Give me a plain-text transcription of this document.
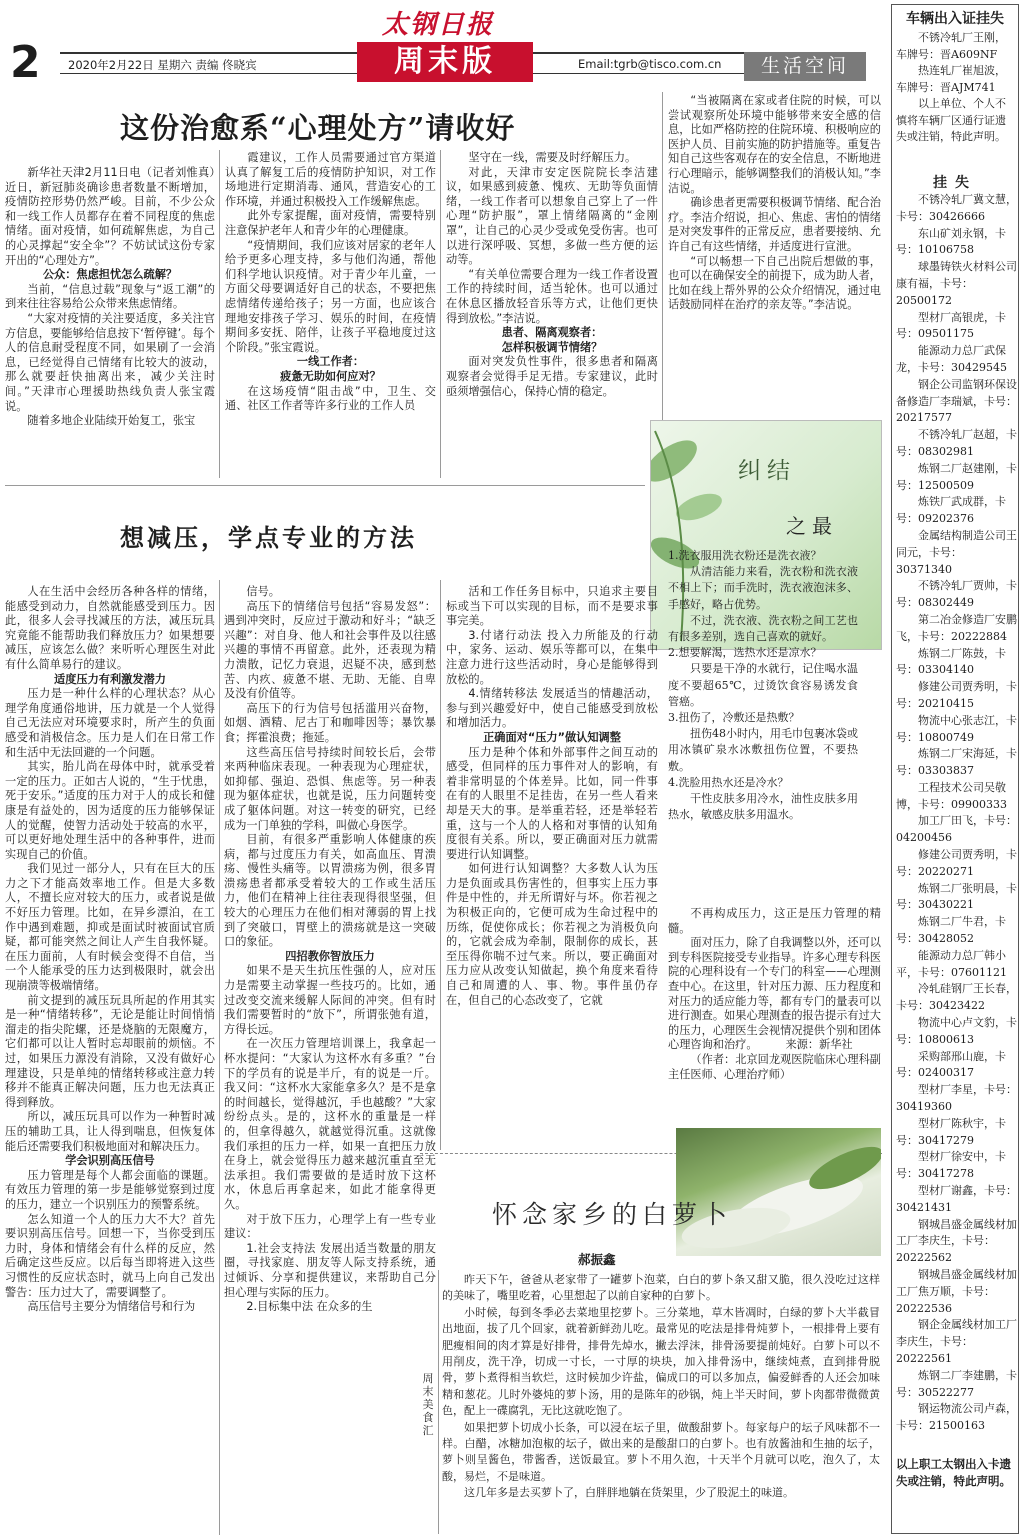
2 2020年2月22日 星期六 责编 佟晓宾
太钢日报
周末版	Email:tgrb@tisco.com.cn	生活空间
车辆出入证挂失
不锈冷轧厂王刚，车牌号：晋A609NF
热连轧厂崔旭波，车牌号：晋AJM741
以上单位、个人不慎将车辆厂区通行证遗失或注销，特此声明。
挂失
不锈冷轧厂冀文慧，卡号：30426666
东山矿刘永钢，卡号：10106758
球墨铸铁火材料公司康有福，卡号：20500172
型材厂高银虎，卡号：09501175
能源动力总厂武保龙，卡号：30429545
钢企公司监钢环保设备修造厂李瑞斌，卡号：20217577
不锈冷轧厂赵超，卡号：08302981
炼钢二厂赵建刚，卡号：12500509
炼铁厂武成群，卡号：09202376
金属结构制造公司王同元，卡号：30371340
不锈冷轧厂贾帅，卡号：08302449
第二冶金修造厂安鹏飞，卡号：20222884
炼钢二厂陈鼓，卡号：03304140
修建公司贾秀明，卡号：20210415
物流中心张志江，卡号：10800749
炼钢二厂宋海延，卡号：03303837
工程技术公司吴敬博，卡号：09900333
加工厂田飞，卡号：04200456
修建公司贾秀明，卡号：20220271
炼钢二厂张明晨，卡号：30430221
炼钢二厂牛君，卡号：30428052
能源动力总厂韩小平，卡号：07601121
冷轧硅钢厂王长春，卡号：30423422
物流中心卢文豹，卡号：10800613
采购部邢山鹿，卡号：02400317
型材厂李星，卡号：30419360
型材厂陈秋宇，卡号：30417279
型材厂徐安中，卡号：30417278
型材厂谢鑫，卡号：30421431
钢城昌盛金属线材加工厂李庆生，卡号：20222562
钢城昌盛金属线材加工厂焦万顺，卡号：20222536
钢企金属线材加工厂李庆生，卡号：20222561
炼钢二厂李建鹏，卡号：30522277
钢运物流公司卢森，卡号：21500163
以上职工太钢出入卡遗失或注销，特此声明。
这份治愈系“心理处方”请收好

新华社天津2月11日电（记者刘惟真）近日，新冠肺炎确诊患者数量不断增加，疫情防控形势仍然严峻。目前，不少公众和一线工作人员都存在着不同程度的焦虑情绪。面对疫情，如何疏解焦虑，为自己的心灵撑起“安全伞”？不妨试试这份专家开出的“心理处方”。

公众：焦虑担忧怎么疏解？

当前，“信息过载”现象与“返工潮”的到来往往容易给公众带来焦虑情绪。

“大家对疫情的关注要适度，多关注官方信息，要能够给信息按下‘暂停键’。每个人的信息耐受程度不同，如果刷了一会消息，已经觉得自己情绪有比较大的波动，那么就要赶快抽离出来，减少关注时间。”天津市心理援助热线负责人张宝霞说。

随着多地企业陆续开始复工，张宝

霞建议，工作人员需要通过官方渠道认真了解复工后的疫情防护知识，对工作场地进行定期消毒、通风，营造安心的工作环境，并通过积极投入工作缓解焦虑。

此外专家提醒，面对疫情，需要特别注意保护老年人和青少年的心理健康。

“疫情期间，我们应该对居家的老年人给予更多心理支持，多与他们沟通，帮他们科学地认识疫情。对于青少年儿童，一方面父母要调适好自己的状态，不要把焦虑情绪传递给孩子；另一方面，也应该合理地安排孩子学习、娱乐的时间，在疫情期间多安抚、陪伴，让孩子平稳地度过这个阶段。”张宝霞说。

一线工作者：

疲惫无助如何应对？

在这场疫情“阻击战”中，卫生、交通、社区工作者等许多行业的工作人员

坚守在一线，需要及时纾解压力。

对此，天津市安定医院院长李洁建议，如果感到疲惫、愧疚、无助等负面情绪，一线工作者可以想象自己穿上了一件心理“防护服”，罩上情绪隔离的“金刚罩”，让自己的心灵少受或免受伤害。也可以进行深呼吸、冥想，多做一些方便的运动等。

“有关单位需要合理为一线工作者设置工作的持续时间，适当轮休。也可以通过在休息区播放轻音乐等方式，让他们更快得到放松。”李洁说。

患者、隔离观察者：

怎样积极调节情绪？

面对突发负性事件，很多患者和隔离观察者会觉得手足无措。专家建议，此时亟须增强信心，保持心情的稳定。

“当被隔离在家或者住院的时候，可以尝试观察所处环境中能够带来安全感的信息，比如严格防控的住院环境、积极响应的医护人员、目前实施的防护措施等。重复告知自己这些客观存在的安全信息，不断地进行心理暗示，能够调整我们的消极认知。”李洁说。

确诊患者更需要积极调节情绪、配合治疗。李洁介绍说，担心、焦虑、害怕的情绪是对突发事件的正常反应，患者要接纳、允许自己有这些情绪，并适度进行宣泄。

“可以畅想一下自己出院后想做的事，也可以在确保安全的前提下，成为助人者，比如在线上帮外界的公众介绍情况，通过电话鼓励同样在治疗的亲友等。”李洁说。

纠结
之最

1.洗衣服用洗衣粉还是洗衣液？

从清洁能力来看，洗衣粉和洗衣液不相上下；而手洗时，洗衣液泡沫多、手感好，略占优势。

不过，洗衣液、洗衣粉之间工艺也有很多差别，选自己喜欢的就好。

2.想要解渴，选热水还是凉水？

只要是干净的水就行，记住喝水温度不要超65℃，过烫饮食容易诱发食管癌。

3.扭伤了，冷敷还是热敷？

扭伤48小时内，用毛巾包裹冰袋或用冰镇矿泉水冰敷扭伤位置，不要热敷。

4.洗脸用热水还是冷水？

干性皮肤多用冷水，油性皮肤多用热水，敏感皮肤多用温水。

想减压，学点专业的方法

人在生活中会经历各种各样的情绪，能感受到动力，自然就能感受到压力。因此，很多人会寻找减压的方法，减压玩具究竟能不能帮助我们释放压力？如果想要减压，应该怎么做？来听听心理医生对此有什么简单易行的建议。

适度压力有利激发潜力

压力是一种什么样的心理状态？从心理学角度通俗地讲，压力就是一个人觉得自己无法应对环境要求时，所产生的负面感受和消极信念。压力是人们在日常工作和生活中无法回避的一个问题。

其实，胎儿尚在母体中时，就承受着一定的压力。正如古人说的，“生于忧患，死于安乐。”适度的压力对于人的成长和健康是有益处的，因为适度的压力能够保证人的觉醒，使智力活动处于较高的水平，可以更好地处理生活中的各种事件，进而实现自己的价值。

我们见过一部分人，只有在巨大的压力之下才能高效率地工作。但是大多数人，不擅长应对较大的压力，或者说是做不好压力管理。比如，在异乡漂泊，在工作中遇到难题，抑或是面试时被面试官质疑，都可能突然之间让人产生自我怀疑。在压力面前，人有时候会变得不自信，当一个人能承受的压力达到极限时，就会出现崩溃等极端情绪。

前文提到的减压玩具所起的作用其实是一种“情绪转移”，无论是能让时间悄悄溜走的指尖陀螺，还是烧脑的无限魔方，它们都可以让人暂时忘却眼前的烦恼。不过，如果压力源没有消除，又没有做好心理建设，只是单纯的情绪转移或注意力转移并不能真正解决问题，压力也无法真正得到释放。

所以，减压玩具可以作为一种暂时减压的辅助工具，让人得到喘息，但恢复体能后还需要我们积极地面对和解决压力。

学会识别高压信号

压力管理是每个人都会面临的课题。有效压力管理的第一步是能够觉察到过度的压力，建立一个识别压力的预警系统。

怎么知道一个人的压力大不大？首先要识别高压信号。回想一下，当你受到压力时，身体和情绪会有什么样的反应，然后确定这些反应。以后每当即将进入这些习惯性的反应状态时，就马上向自己发出警告：压力过大了，需要调整了。

高压信号主要分为情绪信号和行为

信号。

高压下的情绪信号包括“容易发怒”：遇到冲突时，反应过于激动和好斗；“缺乏兴趣”：对自身、他人和社会事件及以往感兴趣的事情不再留意。此外，还表现为精力溃散，记忆力衰退，迟疑不决，感到愁苦、内疚、疲惫不堪、无助、无能、自卑及没有价值等。

高压下的行为信号包括滥用兴奋物，如烟、酒精、尼古丁和咖啡因等；暴饮暴食；挥霍浪费；拖延。

这些高压信号持续时间较长后，会带来两种临床表现。一种表现为心理症状，如抑郁、强迫、恐惧、焦虑等。另一种表现为躯体症状，也就是说，压力问题转变成了躯体问题。对这一转变的研究，已经成为一门单独的学科，叫做心身医学。

目前，有很多严重影响人体健康的疾病，都与过度压力有关，如高血压、胃溃疡、慢性头痛等。以胃溃疡为例，很多胃溃疡患者都承受着较大的工作或生活压力，他们在精神上往往表现得很坚强，但较大的心理压力在他们相对薄弱的胃上找到了突破口，胃壁上的溃疡就是这一突破口的象征。

四招教你智放压力

如果不是天生抗压性强的人，应对压力是需要主动掌握一些技巧的。比如，通过改变交流来缓解人际间的冲突。但有时我们需要暂时的“放下”，所谓张弛有道，方得长远。

在一次压力管理培训课上，我拿起一杯水提问：“大家认为这杯水有多重？”台下的学员有的说是半斤，有的说是一斤。我又问：“这杯水大家能拿多久？是不是拿的时间越长，觉得越沉，手也越酸？”大家纷纷点头。是的，这杯水的重量是一样的，但拿得越久，就越觉得沉重。这就像我们承担的压力一样，如果一直把压力放在身上，就会觉得压力越来越沉重直至无法承担。我们需要做的是适时放下这杯水，休息后再拿起来，如此才能拿得更久。

对于放下压力，心理学上有一些专业建议：

1.社会支持法 发展出适当数量的朋友圈，寻找家庭、朋友等人际支持系统，通过倾诉、分享和提供建议，来帮助自己分担心理与实际的压力。

2.目标集中法 在众多的生

活和工作任务目标中，只追求主要目标或当下可以实现的目标，而不是要求事事完美。

3.付诸行动法 投入力所能及的行动中，家务、运动、娱乐等都可以，在集中注意力进行这些活动时，身心是能够得到放松的。

4.情绪转移法 发展适当的情趣活动，参与到兴趣爱好中，使自己能感受到放松和增加活力。

正确面对“压力”做认知调整

压力是种个体和外部事件之间互动的感受，但同样的压力事件对人的影响，有着非常明显的个体差异。比如，同一件事在有的人眼里不足挂齿，在另一些人看来却是天大的事。是举重若轻，还是举轻若重，这与一个人的人格和对事情的认知角度很有关系。所以，要正确面对压力就需要进行认知调整。

如何进行认知调整？大多数人认为压力是负面或具伤害性的，但事实上压力事件是中性的，并无所谓好与坏。你若视之为积极正向的，它便可成为生命过程中的历练，促使你成长；你若视之为消极负向的，它就会成为牵制，限制你的成长，甚至压得你喘不过气来。所以，要正确面对压力应从改变认知做起，换个角度来看待自己和周遭的人、事、物。事件虽仍存在，但自己的心态改变了，它就

不再构成压力，这正是压力管理的精髓。

面对压力，除了自我调整以外，还可以到专科医院接受专业指导。许多心理专科医院的心理科设有一个专门的科室——心理测查中心。在这里，针对压力源、压力程度和对压力的适应能力等，都有专门的量表可以进行测查。如果心理测查的报告提示有过大的压力，心理医生会视情况提供个别和团体心理咨询和治疗。　　　来源：新华社

（作者：北京回龙观医院临床心理科副主任医师、心理治疗师）

怀念家乡的白萝卜
郝振鑫
周末美食汇

昨天下午，爸爸从老家带了一罐萝卜泡菜，白白的萝卜条又甜又脆，很久没吃过这样的美味了，嘴里吃着，心里想起了以前自家种的白萝卜。

小时候，每到冬季必去菜地里挖萝卜。三分菜地，草木皆凋时，白绿的萝卜大半截冒出地面，拔了几个回家，就着新鲜劲儿吃。最常见的吃法是排骨炖萝卜，一根排骨上要有肥瘦相间的肉才算是好排骨，排骨先焯水，撇去浮沫，排骨汤要提前炖好。白萝卜可以不用削皮，洗干净，切成一寸长，一寸厚的块块，加入排骨汤中，继续炖煮，直到排骨脱骨，萝卜煮得相当软烂，这时候加少许盐，偏成口的可以多加点，偏爱鲜香的人还会加味精和葱花。儿时外婆炖的萝卜汤，用的是陈年的砂锅，炖上半天时间，萝卜肉都带微微黄色，配上一碟腐乳，无比这就吃饱了。

如果把萝卜切成小长条，可以浸在坛子里，做酸甜萝卜。每家每户的坛子风味都不一样。白醋，冰糖加泡椒的坛子，做出来的是酸甜口的白萝卜。也有放酱油和生抽的坛子，萝卜则呈酱色，带酱香，送饭最宜。萝卜不用久泡，十天半个月就可以吃，泡久了，太酸，易烂，不是味道。

这几年多是去买萝卜了，白胖胖地躺在货架里，少了股泥土的味道。
